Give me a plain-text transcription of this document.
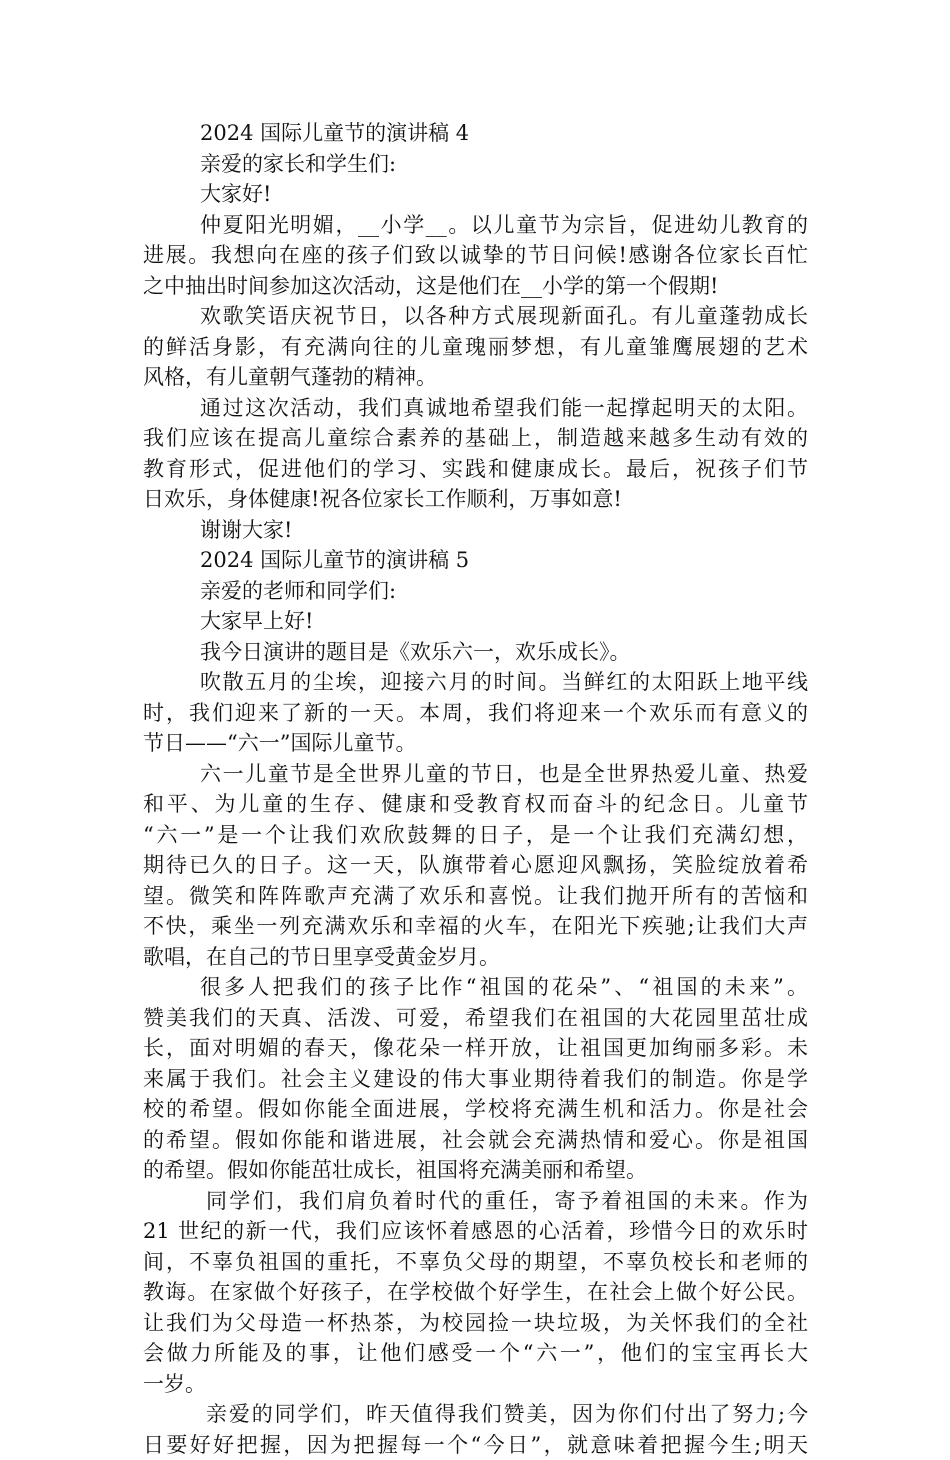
2024 国际儿童节的演讲稿 4
亲爱的家长和学生们:
大家好!
仲夏阳光明媚，__小学__。以儿童节为宗旨，促进幼儿教育的
进展。我想向在座的孩子们致以诚挚的节日问候!感谢各位家长百忙
之中抽出时间参加这次活动，这是他们在__小学的第一个假期!
欢歌笑语庆祝节日，以各种方式展现新面孔。有儿童蓬勃成长
的鲜活身影，有充满向往的儿童瑰丽梦想，有儿童雏鹰展翅的艺术
风格，有儿童朝气蓬勃的精神。
通过这次活动，我们真诚地希望我们能一起撑起明天的太阳。
我们应该在提高儿童综合素养的基础上，制造越来越多生动有效的
教育形式，促进他们的学习、实践和健康成长。最后，祝孩子们节
日欢乐，身体健康!祝各位家长工作顺利，万事如意!
谢谢大家!
2024 国际儿童节的演讲稿 5
亲爱的老师和同学们:
大家早上好!
我今日演讲的题目是《欢乐六一，欢乐成长》。
吹散五月的尘埃，迎接六月的时间。当鲜红的太阳跃上地平线
时，我们迎来了新的一天。本周，我们将迎来一个欢乐而有意义的
节日——“六一”国际儿童节。
六一儿童节是全世界儿童的节日，也是全世界热爱儿童、热爱
和平、为儿童的生存、健康和受教育权而奋斗的纪念日。儿童节
“六一”是一个让我们欢欣鼓舞的日子，是一个让我们充满幻想，
期待已久的日子。这一天，队旗带着心愿迎风飘扬，笑脸绽放着希
望。微笑和阵阵歌声充满了欢乐和喜悦。让我们抛开所有的苦恼和
不快，乘坐一列充满欢乐和幸福的火车，在阳光下疾驰;让我们大声
歌唱，在自己的节日里享受黄金岁月。
很多人把我们的孩子比作“祖国的花朵”、“祖国的未来”。
赞美我们的天真、活泼、可爱，希望我们在祖国的大花园里茁壮成
长，面对明媚的春天，像花朵一样开放，让祖国更加绚丽多彩。未
来属于我们。社会主义建设的伟大事业期待着我们的制造。你是学
校的希望。假如你能全面进展，学校将充满生机和活力。你是社会
的希望。假如你能和谐进展，社会就会充满热情和爱心。你是祖国
的希望。假如你能茁壮成长，祖国将充满美丽和希望。
同学们，我们肩负着时代的重任，寄予着祖国的未来。作为
21 世纪的新一代，我们应该怀着感恩的心活着，珍惜今日的欢乐时
间，不辜负祖国的重托，不辜负父母的期望，不辜负校长和老师的
教诲。在家做个好孩子，在学校做个好学生，在社会上做个好公民。
让我们为父母造一杯热茶，为校园捡一块垃圾，为关怀我们的全社
会做力所能及的事，让他们感受一个“六一”，他们的宝宝再长大
一岁。
亲爱的同学们，昨天值得我们赞美，因为你们付出了努力;今
日要好好把握，因为把握每一个“今日”，就意味着把握今生;明天
